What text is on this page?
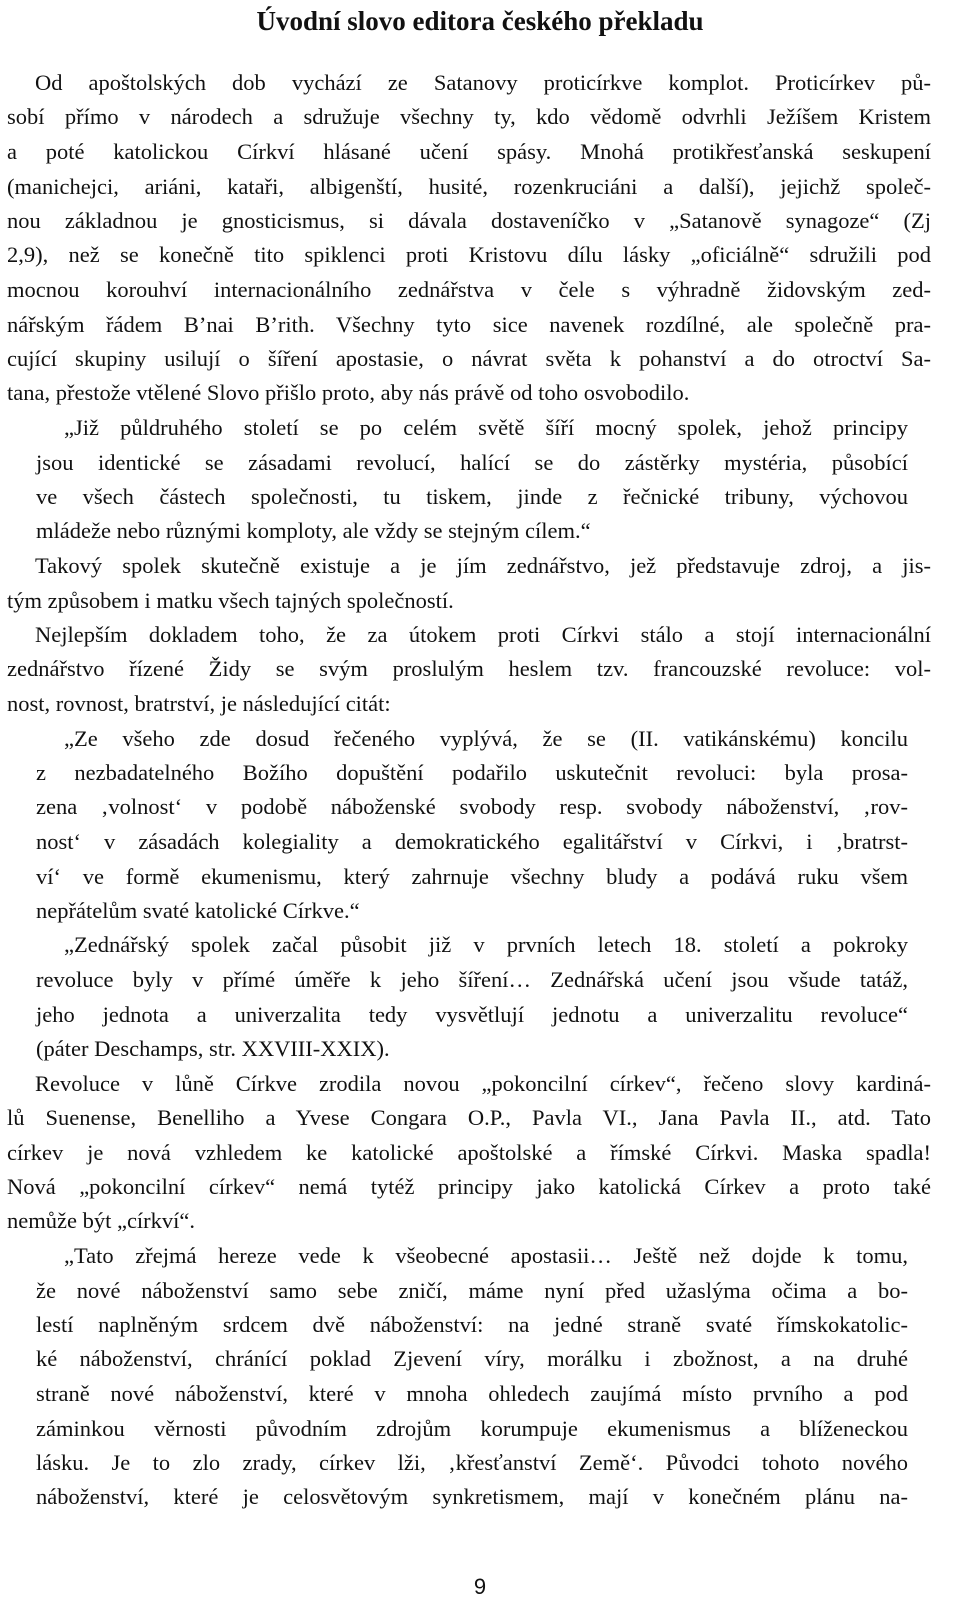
Úvodní slovo editora českého překladu
Od apoštolských dob vychází ze Satanovy proticírkve komplot. Proticírkev pů-
sobí přímo v národech a sdružuje všechny ty, kdo vědomě odvrhli Ježíšem Kristem
a poté katolickou Církví hlásané učení spásy. Mnohá protikřesťanská seskupení
(manichejci, ariáni, kataři, albigenští, husité, rozenkruciáni a další), jejichž společ-
nou základnou je gnosticismus, si dávala dostaveníčko v „Satanově synagoze“ (Zj
2,9), než se konečně tito spiklenci proti Kristovu dílu lásky „oficiálně“ sdružili pod
mocnou korouhví internacionálního zednářstva v čele s výhradně židovským zed-
nářským řádem B’nai B’rith. Všechny tyto sice navenek rozdílné, ale společně pra-
cující skupiny usilují o šíření apostasie, o návrat světa k pohanství a do otroctví Sa-
tana, přestože vtělené Slovo přišlo proto, aby nás právě od toho osvobodilo.
„Již půldruhého století se po celém světě šíří mocný spolek, jehož principy
jsou identické se zásadami revolucí, halící se do zástěrky mystéria, působící
ve všech částech společnosti, tu tiskem, jinde z řečnické tribuny, výchovou
mládeže nebo různými komploty, ale vždy se stejným cílem.“
Takový spolek skutečně existuje a je jím zednářstvo, jež představuje zdroj, a jis-
tým způsobem i matku všech tajných společností.
Nejlepším dokladem toho, že za útokem proti Církvi stálo a stojí internacionální
zednářstvo řízené Židy se svým proslulým heslem tzv. francouzské revoluce: vol-
nost, rovnost, bratrství, je následující citát:
„Ze všeho zde dosud řečeného vyplývá, že se (II. vatikánskému) koncilu
z nezbadatelného Božího dopuštění podařilo uskutečnit revoluci: byla prosa-
zena ‚volnost‘ v podobě náboženské svobody resp. svobody náboženství, ‚rov-
nost‘ v zásadách kolegiality a demokratického egalitářství v Církvi, i ‚bratrst-
ví‘ ve formě ekumenismu, který zahrnuje všechny bludy a podává ruku všem
nepřátelům svaté katolické Církve.“
„Zednářský spolek začal působit již v prvních letech 18. století a pokroky
revoluce byly v přímé úměře k jeho šíření… Zednářská učení jsou všude tatáž,
jeho jednota a univerzalita tedy vysvětlují jednotu a univerzalitu revoluce“
(páter Deschamps, str. XXVIII-XXIX).
Revoluce v lůně Církve zrodila novou „pokoncilní církev“, řečeno slovy kardiná-
lů Suenense, Benelliho a Yvese Congara O.P., Pavla VI., Jana Pavla II., atd. Tato
církev je nová vzhledem ke katolické apoštolské a římské Církvi. Maska spadla!
Nová „pokoncilní církev“ nemá tytéž principy jako katolická Církev a proto také
nemůže být „církví“.
„Tato zřejmá hereze vede k všeobecné apostasii… Ještě než dojde k tomu,
že nové náboženství samo sebe zničí, máme nyní před užaslýma očima a bo-
lestí naplněným srdcem dvě náboženství: na jedné straně svaté římskokatolic-
ké náboženství, chránící poklad Zjevení víry, morálku i zbožnost, a na druhé
straně nové náboženství, které v mnoha ohledech zaujímá místo prvního a pod
záminkou věrnosti původním zdrojům korumpuje ekumenismus a blíženeckou
lásku. Je to zlo zrady, církev lži, ‚křesťanství Země‘. Původci tohoto nového
náboženství, které je celosvětovým synkretismem, mají v konečném plánu na-
9
